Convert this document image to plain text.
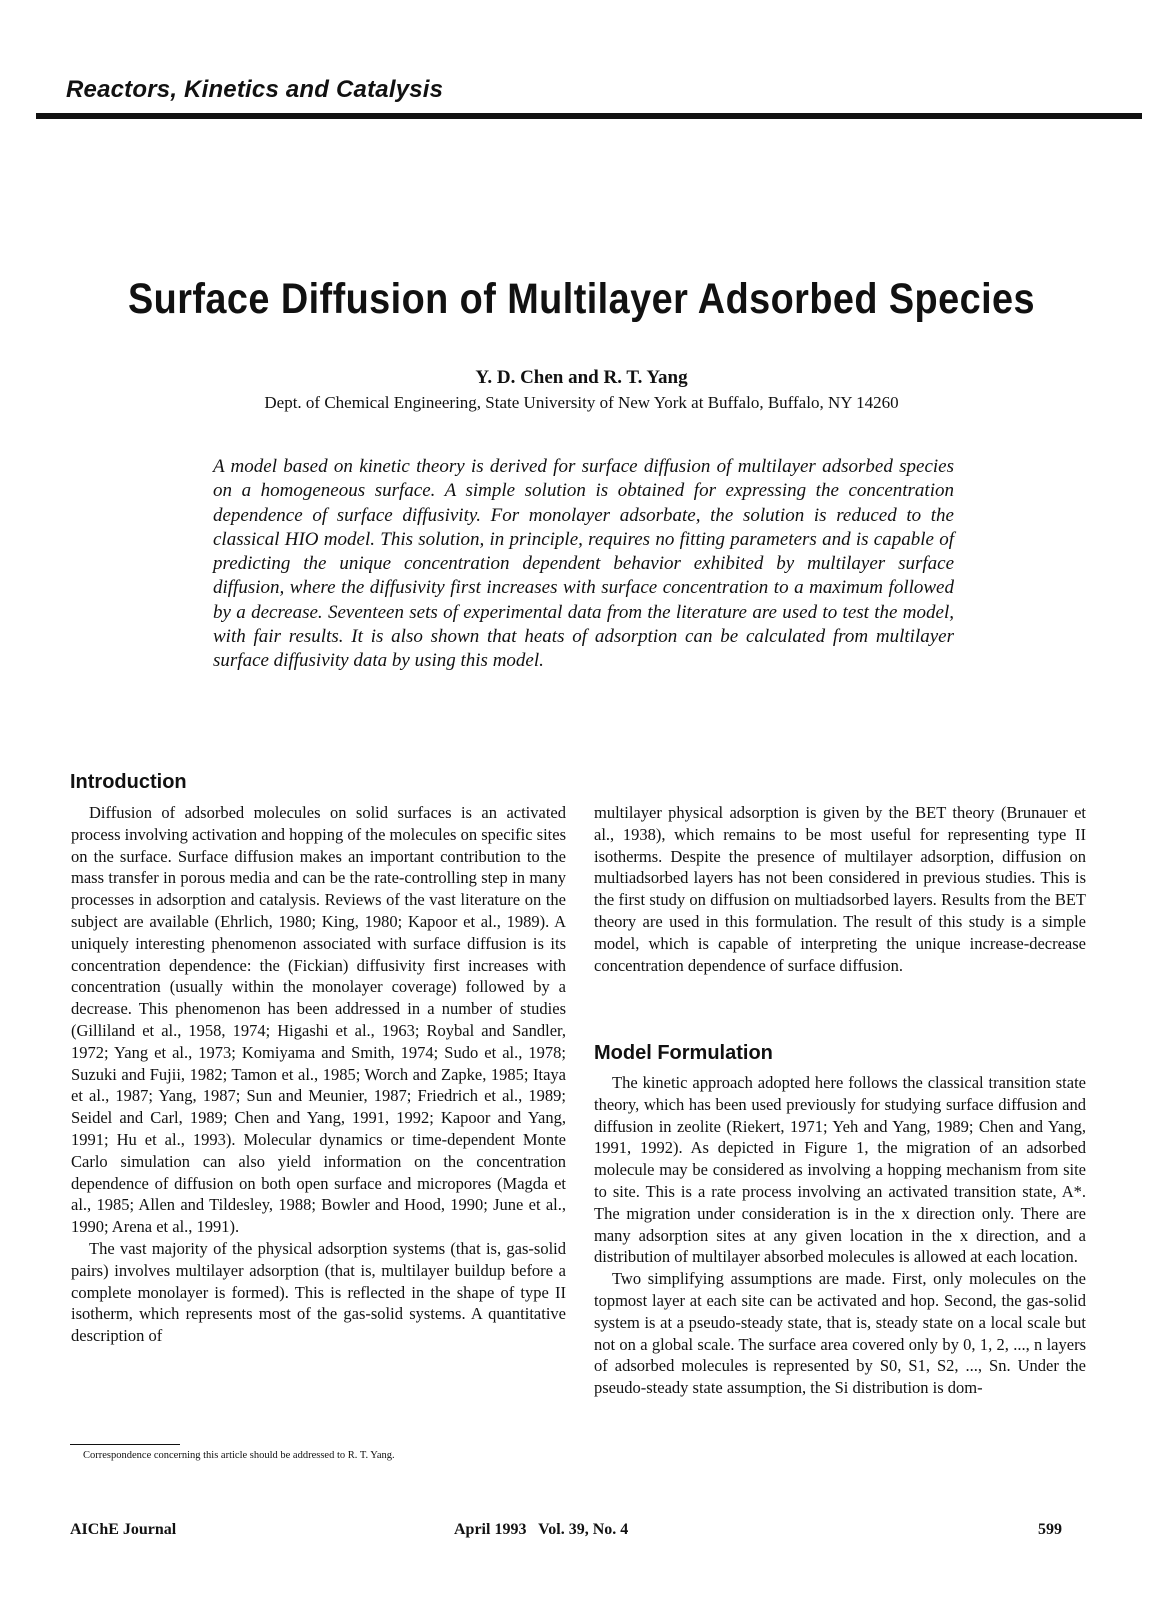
Reactors, Kinetics and Catalysis
Surface Diffusion of Multilayer Adsorbed Species
Y. D. Chen and R. T. Yang
Dept. of Chemical Engineering, State University of New York at Buffalo, Buffalo, NY 14260
A model based on kinetic theory is derived for surface diffusion of multilayer adsorbed species on a homogeneous surface. A simple solution is obtained for expressing the concentration dependence of surface diffusivity. For monolayer adsorbate, the solution is reduced to the classical HIO model. This solution, in principle, requires no fitting parameters and is capable of predicting the unique concentration dependent behavior exhibited by multilayer surface diffusion, where the diffusivity first increases with surface concentration to a maximum followed by a decrease. Seventeen sets of experimental data from the literature are used to test the model, with fair results. It is also shown that heats of adsorption can be calculated from multilayer surface diffusivity data by using this model.
Introduction

Diffusion of adsorbed molecules on solid surfaces is an activated process involving activation and hopping of the molecules on specific sites on the surface. Surface diffusion makes an important contribution to the mass transfer in porous media and can be the rate-controlling step in many processes in adsorption and catalysis. Reviews of the vast literature on the subject are available (Ehrlich, 1980; King, 1980; Kapoor et al., 1989). A uniquely interesting phenomenon associated with surface diffusion is its concentration dependence: the (Fickian) diffusivity first increases with concentration (usually within the monolayer coverage) followed by a decrease. This phenomenon has been addressed in a number of studies (Gilliland et al., 1958, 1974; Higashi et al., 1963; Roybal and Sandler, 1972; Yang et al., 1973; Komiyama and Smith, 1974; Sudo et al., 1978; Suzuki and Fujii, 1982; Tamon et al., 1985; Worch and Zapke, 1985; Itaya et al., 1987; Yang, 1987; Sun and Meunier, 1987; Friedrich et al., 1989; Seidel and Carl, 1989; Chen and Yang, 1991, 1992; Kapoor and Yang, 1991; Hu et al., 1993). Molecular dynamics or time-dependent Monte Carlo simulation can also yield information on the concentration dependence of diffusion on both open surface and micropores (Magda et al., 1985; Allen and Tildesley, 1988; Bowler and Hood, 1990; June et al., 1990; Arena et al., 1991).

The vast majority of the physical adsorption systems (that is, gas-solid pairs) involves multilayer adsorption (that is, multilayer buildup before a complete monolayer is formed). This is reflected in the shape of type II isotherm, which represents most of the gas-solid systems. A quantitative description of

multilayer physical adsorption is given by the BET theory (Brunauer et al., 1938), which remains to be most useful for representing type II isotherms. Despite the presence of multilayer adsorption, diffusion on multiadsorbed layers has not been considered in previous studies. This is the first study on diffusion on multiadsorbed layers. Results from the BET theory are used in this formulation. The result of this study is a simple model, which is capable of interpreting the unique increase-decrease concentration dependence of surface diffusion.

Model Formulation

The kinetic approach adopted here follows the classical transition state theory, which has been used previously for studying surface diffusion and diffusion in zeolite (Riekert, 1971; Yeh and Yang, 1989; Chen and Yang, 1991, 1992). As depicted in Figure 1, the migration of an adsorbed molecule may be considered as involving a hopping mechanism from site to site. This is a rate process involving an activated transition state, A*. The migration under consideration is in the x direction only. There are many adsorption sites at any given location in the x direction, and a distribution of multilayer absorbed molecules is allowed at each location.

Two simplifying assumptions are made. First, only molecules on the topmost layer at each site can be activated and hop. Second, the gas-solid system is at a pseudo-steady state, that is, steady state on a local scale but not on a global scale. The surface area covered only by 0, 1, 2, ..., n layers of adsorbed molecules is represented by S0, S1, S2, ..., Sn. Under the pseudo-steady state assumption, the Si distribution is dom-

Correspondence concerning this article should be addressed to R. T. Yang.
AIChE Journal	April 1993   Vol. 39, No. 4	599
